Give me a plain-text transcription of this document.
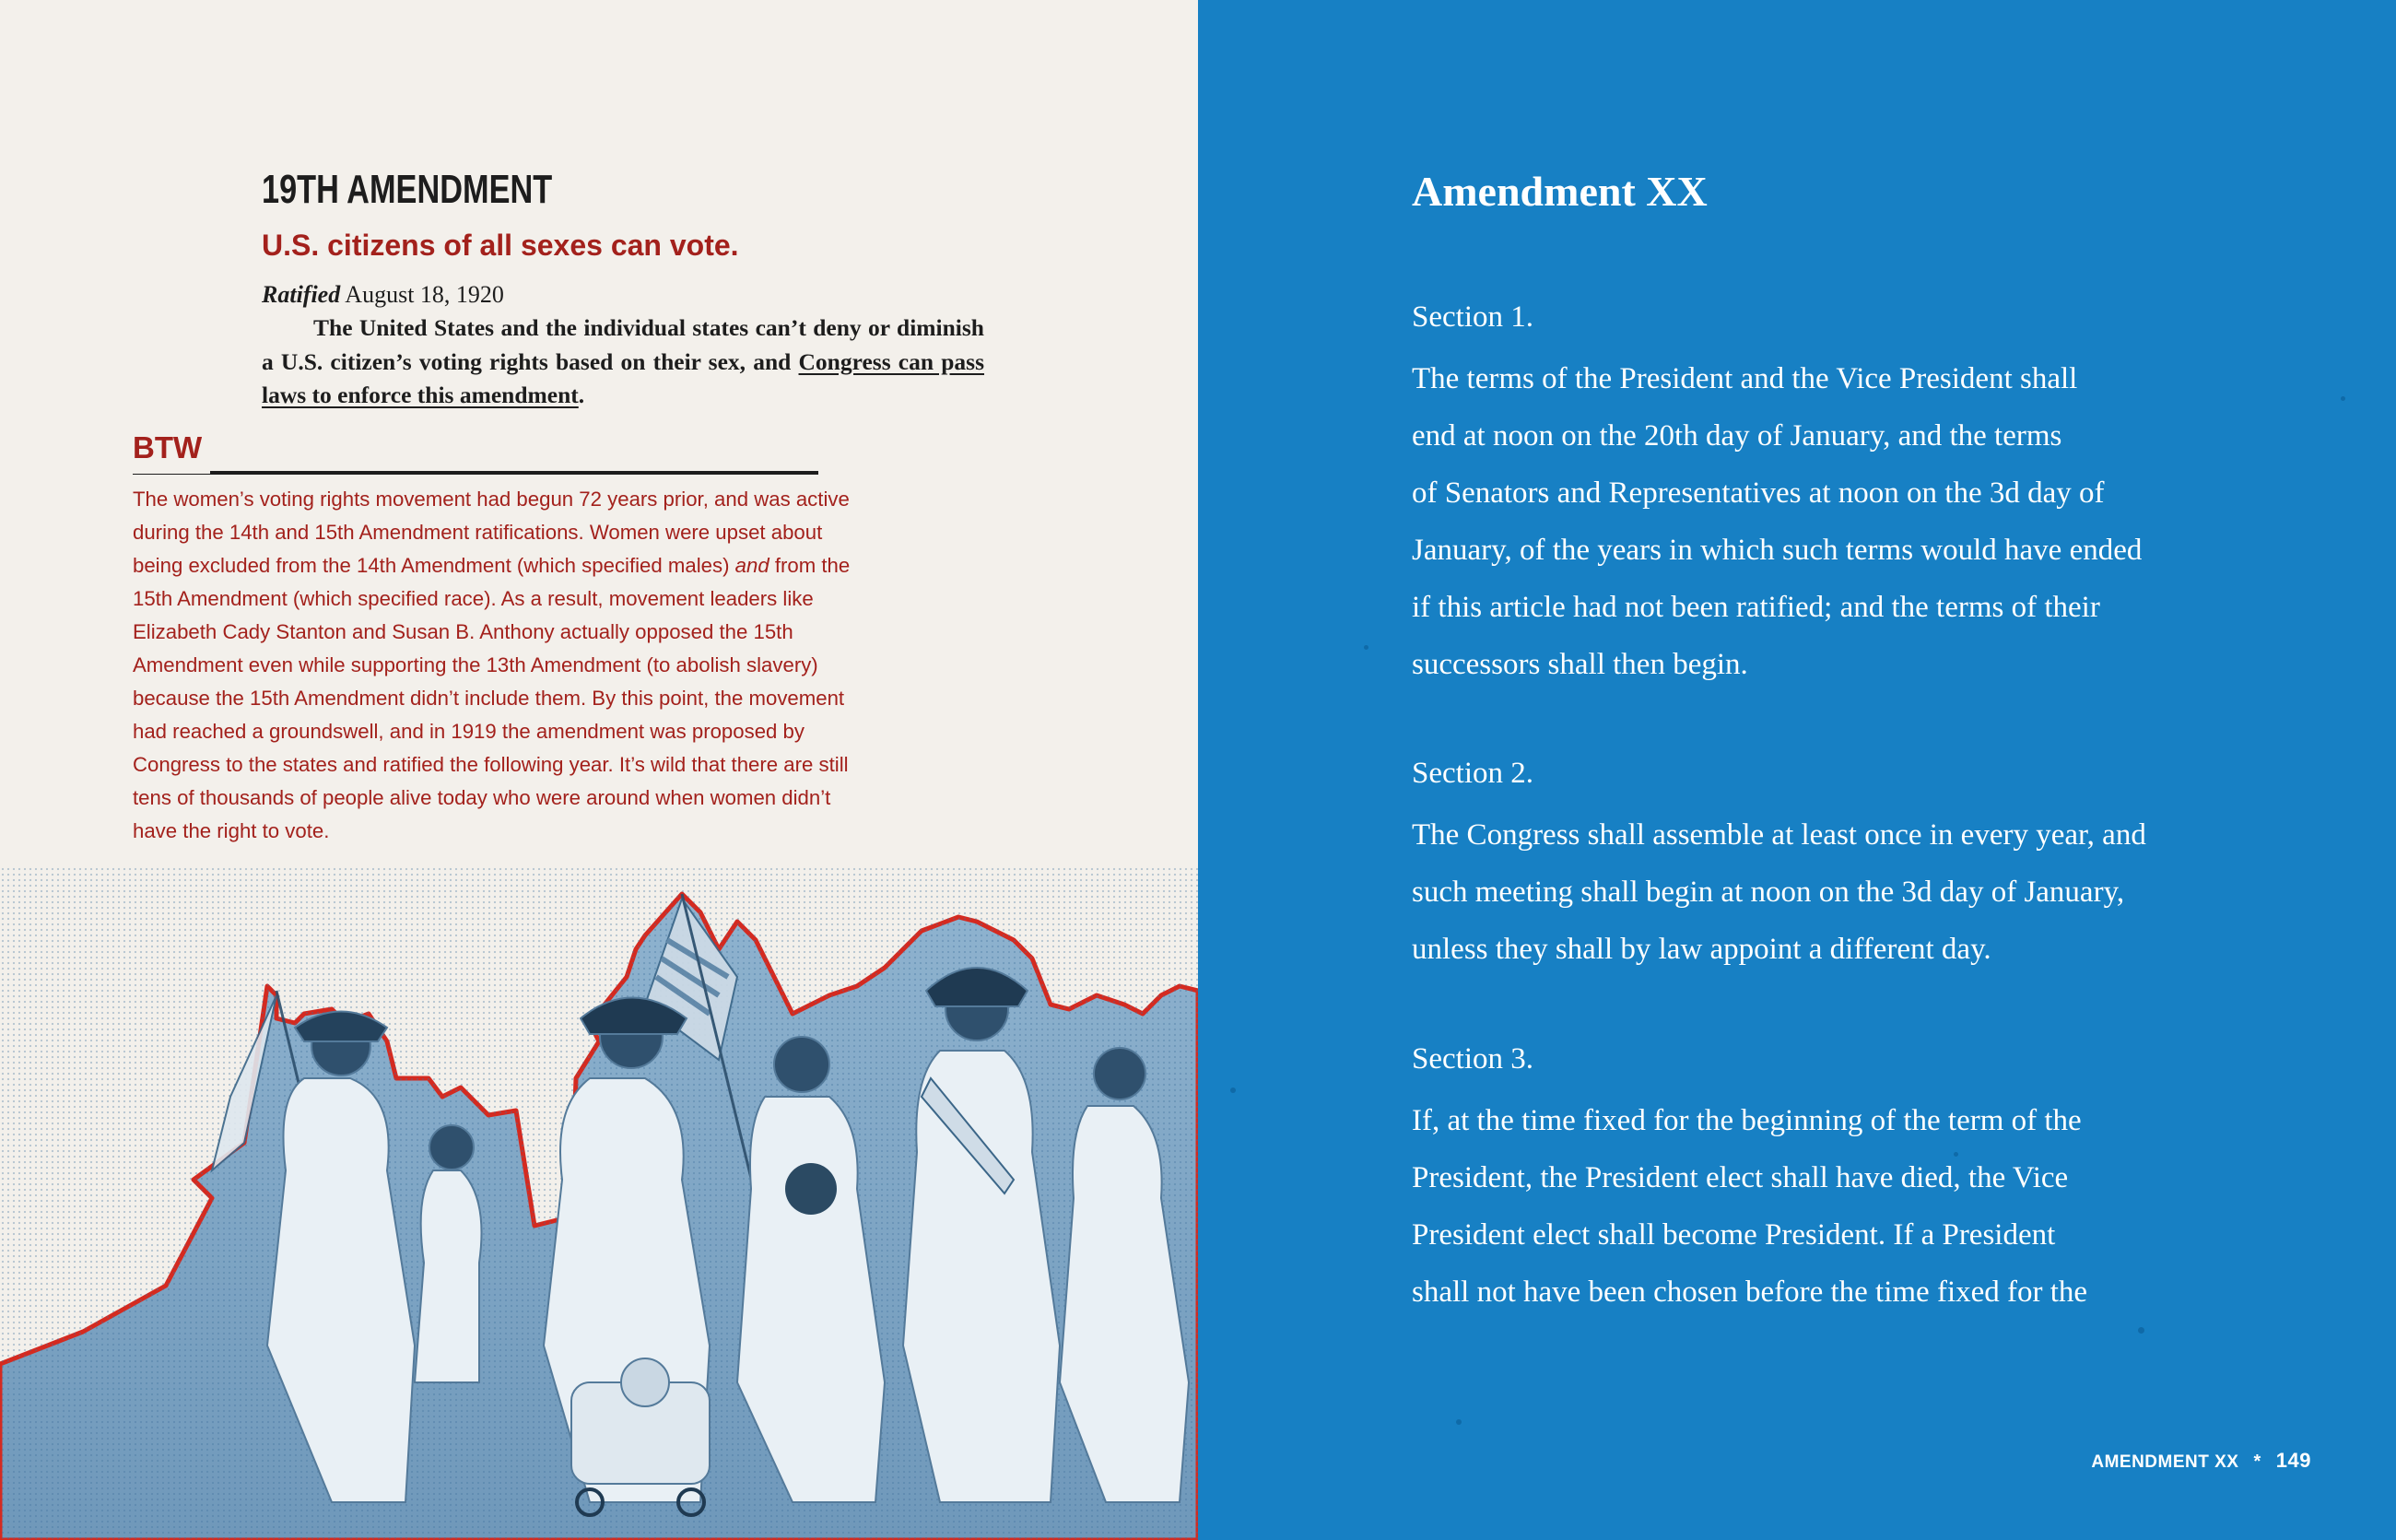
19TH AMENDMENT
U.S. citizens of all sexes can vote.
Ratified August 18, 1920

The United States and the individual states can’t deny or diminish a U.S. citizen’s voting rights based on their sex, and Congress can pass laws to enforce this amendment.

BTW
The women’s voting rights movement had begun 72 years prior, and was active during the 14th and 15th Amendment ratifications. Women were upset about being excluded from the 14th Amendment (which specified males) and from the 15th Amendment (which specified race). As a result, movement leaders like Elizabeth Cady Stanton and Susan B. Anthony actually opposed the 15th Amendment even while supporting the 13th Amendment (to abolish slavery) because the 15th Amendment didn’t include them. By this point, the movement had reached a groundswell, and in 1919 the amendment was proposed by Congress to the states and ratified the following year. It’s wild that there are still tens of thousands of people alive today who were around when women didn’t have the right to vote.
Amendment XX

Section 1.

The terms of the President and the Vice President shall
end at noon on the 20th day of January, and the terms
of Senators and Representatives at noon on the 3d day of
January, of the years in which such terms would have ended
if this article had not been ratified; and the terms of their
successors shall then begin.

Section 2.

The Congress shall assemble at least once in every year, and
such meeting shall begin at noon on the 3d day of January,
unless they shall by law appoint a different day.

Section 3.

If, at the time fixed for the beginning of the term of the
President, the President elect shall have died, the Vice
President elect shall become President. If a President
shall not have been chosen before the time fixed for the

AMENDMENT XX * 149
